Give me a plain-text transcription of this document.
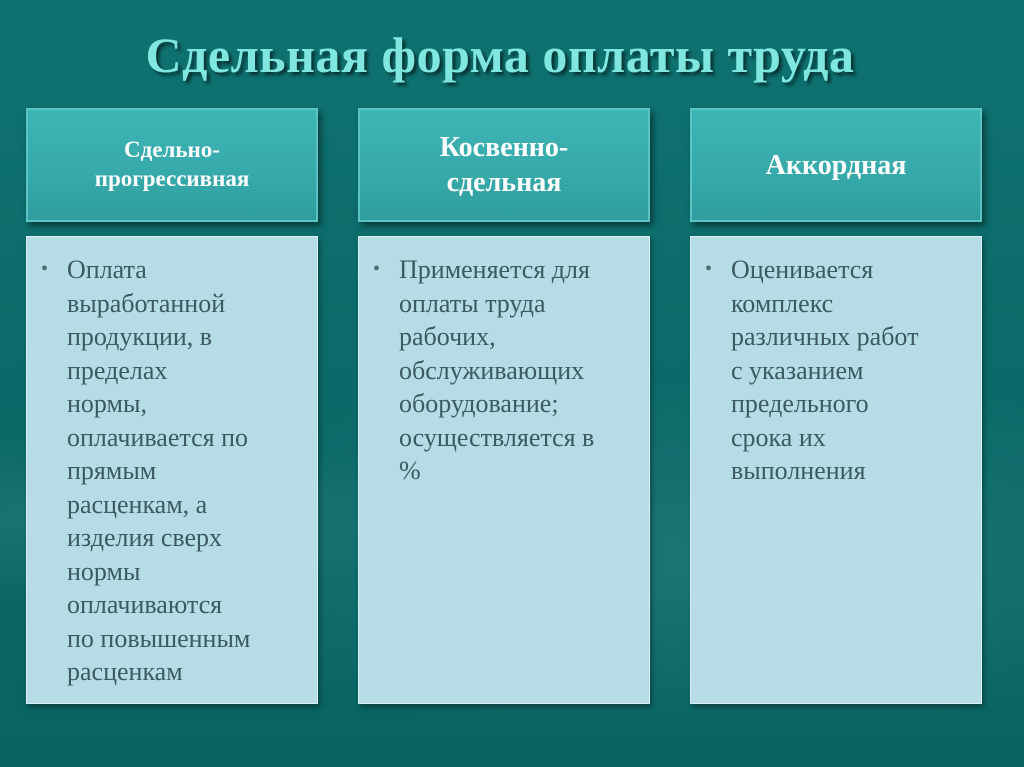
Сдельная форма оплаты труда
Сдельно-
прогрессивная
Косвенно-
сдельная
Аккордная
• Оплата
выработанной
продукции, в
пределах
нормы,
оплачивается по
прямым
расценкам, а
изделия сверх
нормы
оплачиваются
по повышенным
расценкам
• Применяется для
оплаты труда
рабочих,
обслуживающих
оборудование;
осуществляется в
%
• Оценивается
комплекс
различных работ
с указанием
предельного
срока их
выполнения
